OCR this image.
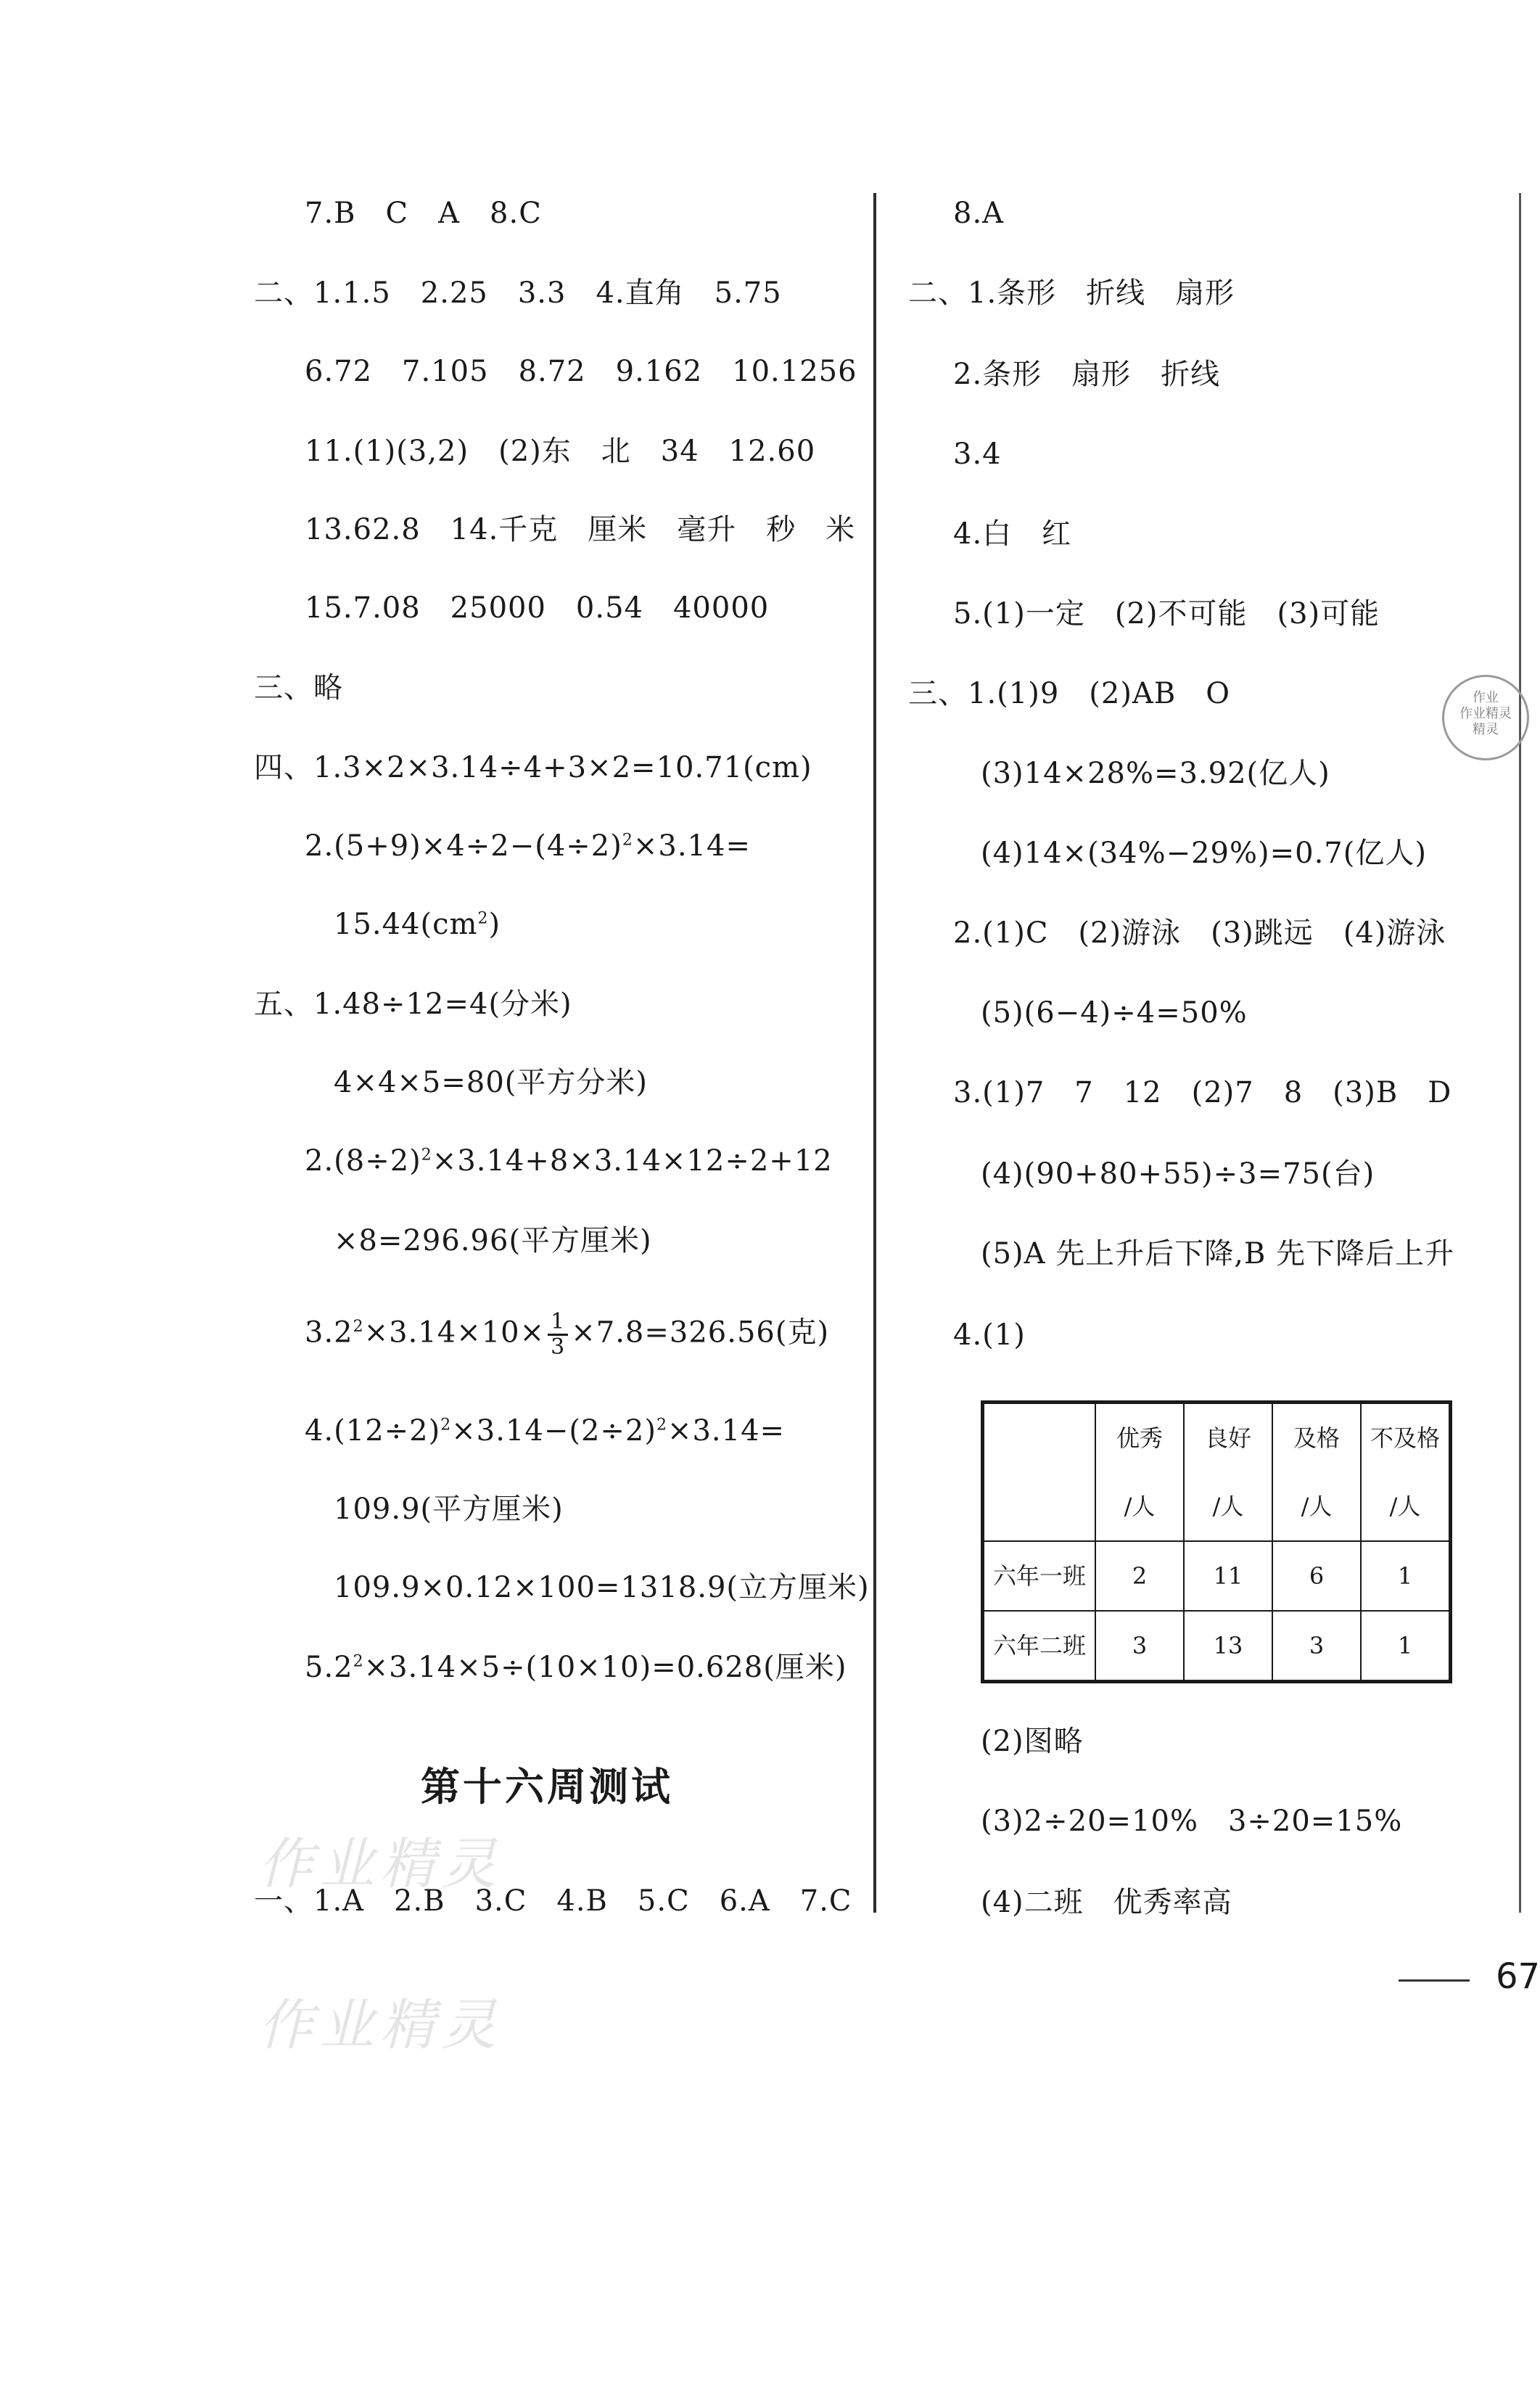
7.B　C　A　8.C
二、1.1.5　2.25　3.3　4.直角　5.75
6.72　7.105　8.72　9.162　10.1256
11.(1)(3,2)　(2)东　北　34　12.60
13.62.8　14.千克　厘米　毫升　秒　米
15.7.08　25000　0.54　40000
三、略
四、1.3×2×3.14÷4+3×2=10.71(cm)
$2.(5+9)\times 4\div 2-(4\div 2)^2\times 3.14=$
$15.44(cm^2)$
五、1.48÷12=4(分米)
4×4×5=80(平方分米)
$2.(8\div 2)^2\times 3.14+8\times 3.14\times 12\div 2+12$
×8=296.96(平方厘米)
$3.2^2\times 3.14\times 10\times \frac{1}{3} \times 7.8=326.56$(克)
$4.(12\div 2)^2\times 3.14-(2\div 2)^2\times 3.14=$
109.9(平方厘米)
109.9×0.12×100=1318.9(立方厘米)
$5.2^2\times 3.14\times 5\div(10\times 10)=0.628$(厘米)
第十六周测试
一、1.A　2.B　3.C　4.B　5.C　6.A　7.C
8.A
二、1.条形　折线　扇形
2.条形　扇形　折线
3.4
4.白　红
5.(1)一定　(2)不可能　(3)可能
三、1.(1)9　(2)AB　O
(3)14×28%=3.92(亿人)
(4)14×(34%−29%)=0.7(亿人)
2.(1)C　(2)游泳　(3)跳远　(4)游泳
(5)(6−4)÷4=50%
3.(1)7　7　12　(2)7　8　(3)B　D
(4)(90+80+55)÷3=75(台)
(5)A 先上升后下降,B 先下降后上升
4.(1)
	优秀	良好	及格	不及格
	/人	/人	/人	/人
六年一班	2	11	6	1
六年二班	3	13	3	1
(2)图略
(3)2÷20=10%　3÷20=15%
(4)二班　优秀率高
作业
作业精灵
精灵
作业精灵
作业精灵
67
